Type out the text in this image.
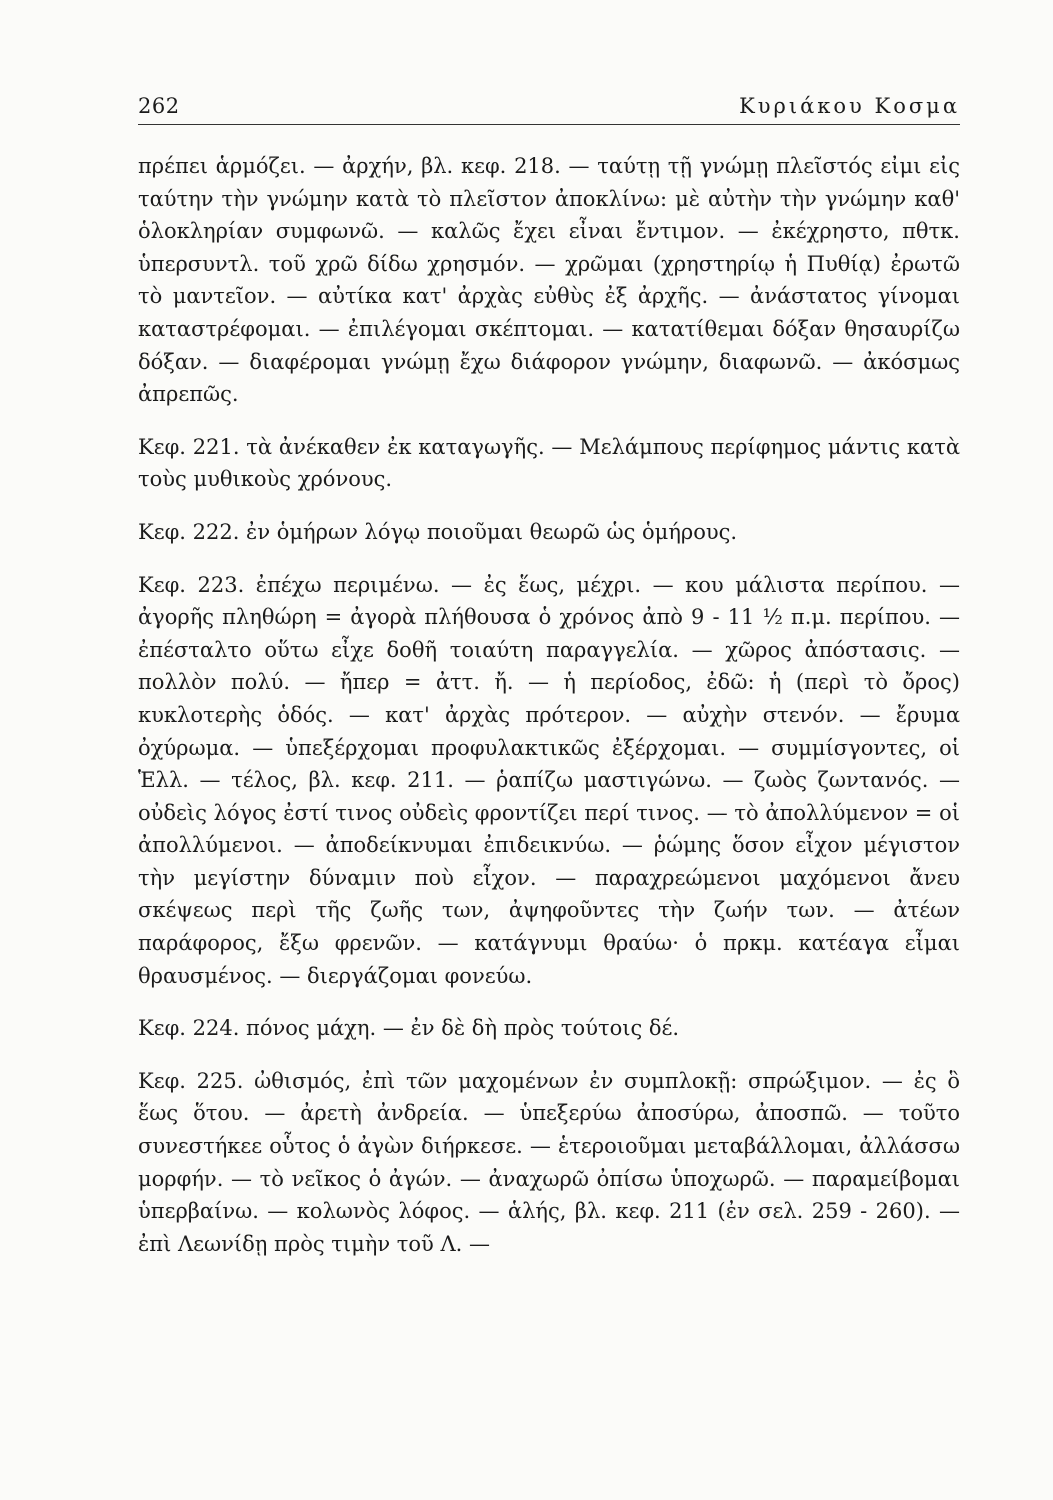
262	Κυριάκου Κοσμα

πρέπει ἁρμόζει. — ἀρχήν, βλ. κεφ. 218. — ταύτῃ τῇ γνώμῃ πλεῖστός εἰμι εἰς ταύτην τὴν γνώμην κατὰ τὸ πλεῖστον ἀποκλίνω: μὲ αὐτὴν τὴν γνώμην καθ' ὁλοκληρίαν συμφωνῶ. — καλῶς ἔχει εἶναι ἔντιμον. — ἐκέχρηστο, πθτκ. ὑπερσυντλ. τοῦ χρῶ δίδω χρησμόν. — χρῶμαι (χρηστηρίῳ ἡ Πυθίᾳ) ἐρωτῶ τὸ μαντεῖον. — αὐτίκα κατ' ἀρχὰς εὐθὺς ἐξ ἀρχῆς. — ἀνάστατος γίνομαι καταστρέφομαι. — ἐπιλέγομαι σκέπτομαι. — κατατίθεμαι δόξαν θησαυρίζω δόξαν. — διαφέρομαι γνώμῃ ἔχω διάφορον γνώμην, διαφωνῶ. — ἀκόσμως ἀπρεπῶς.

Κεφ. 221. τὰ ἀνέκαθεν ἐκ καταγωγῆς. — Μελάμπους περίφημος μάντις κατὰ τοὺς μυθικοὺς χρόνους.

Κεφ. 222. ἐν ὁμήρων λόγῳ ποιοῦμαι θεωρῶ ὡς ὁμήρους.

Κεφ. 223. ἐπέχω περιμένω. — ἐς ἕως, μέχρι. — κου μάλιστα περίπου. — ἀγορῆς πληθώρη = ἀγορὰ πλήθουσα ὁ χρόνος ἀπὸ 9 - 11 ½ π.μ. περίπου. — ἐπέσταλτο οὕτω εἶχε δοθῆ τοιαύτη παραγγελία. — χῶρος ἀπόστασις. — πολλὸν πολύ. — ἤπερ = ἀττ. ἤ. — ἡ περίοδος, ἐδῶ: ἡ (περὶ τὸ ὄρος) κυκλοτερὴς ὁδός. — κατ' ἀρχὰς πρότερον. — αὐχὴν στενόν. — ἔρυμα ὀχύρωμα. — ὑπεξέρχομαι προφυλακτικῶς ἐξέρχομαι. — συμμίσγοντες, οἱ Ἑλλ. — τέλος, βλ. κεφ. 211. — ῥαπίζω μαστιγώνω. — ζωὸς ζωντανός. — οὐδεὶς λόγος ἐστί τινος οὐδεὶς φροντίζει περί τινος. — τὸ ἀπολλύμενον = οἱ ἀπολλύμενοι. — ἀποδείκνυμαι ἐπιδεικνύω. — ῥώμης ὅσον εἶχον μέγιστον τὴν μεγίστην δύναμιν ποὺ εἶχον. — παραχρεώμενοι μαχόμενοι ἄνευ σκέψεως περὶ τῆς ζωῆς των, ἀψηφοῦντες τὴν ζωήν των. — ἀτέων παράφορος, ἔξω φρενῶν. — κατάγνυμι θραύω· ὁ πρκμ. κατέαγα εἶμαι θραυσμένος. — διεργάζομαι φονεύω.

Κεφ. 224. πόνος μάχη. — ἐν δὲ δὴ πρὸς τούτοις δέ.

Κεφ. 225. ὠθισμός, ἐπὶ τῶν μαχομένων ἐν συμπλοκῇ: σπρώξιμον. — ἐς ὃ ἕως ὅτου. — ἀρετὴ ἀνδρεία. — ὑπεξερύω ἀποσύρω, ἀποσπῶ. — τοῦτο συνεστήκεε οὗτος ὁ ἀγὼν διήρκεσε. — ἑτεροιοῦμαι μεταβάλλομαι, ἀλλάσσω μορφήν. — τὸ νεῖκος ὁ ἀγών. — ἀναχωρῶ ὀπίσω ὑποχωρῶ. — παραμείβομαι ὑπερβαίνω. — κολωνὸς λόφος. — ἁλής, βλ. κεφ. 211 (ἐν σελ. 259 - 260). — ἐπὶ Λεωνίδῃ πρὸς τιμὴν τοῦ Λ. —
